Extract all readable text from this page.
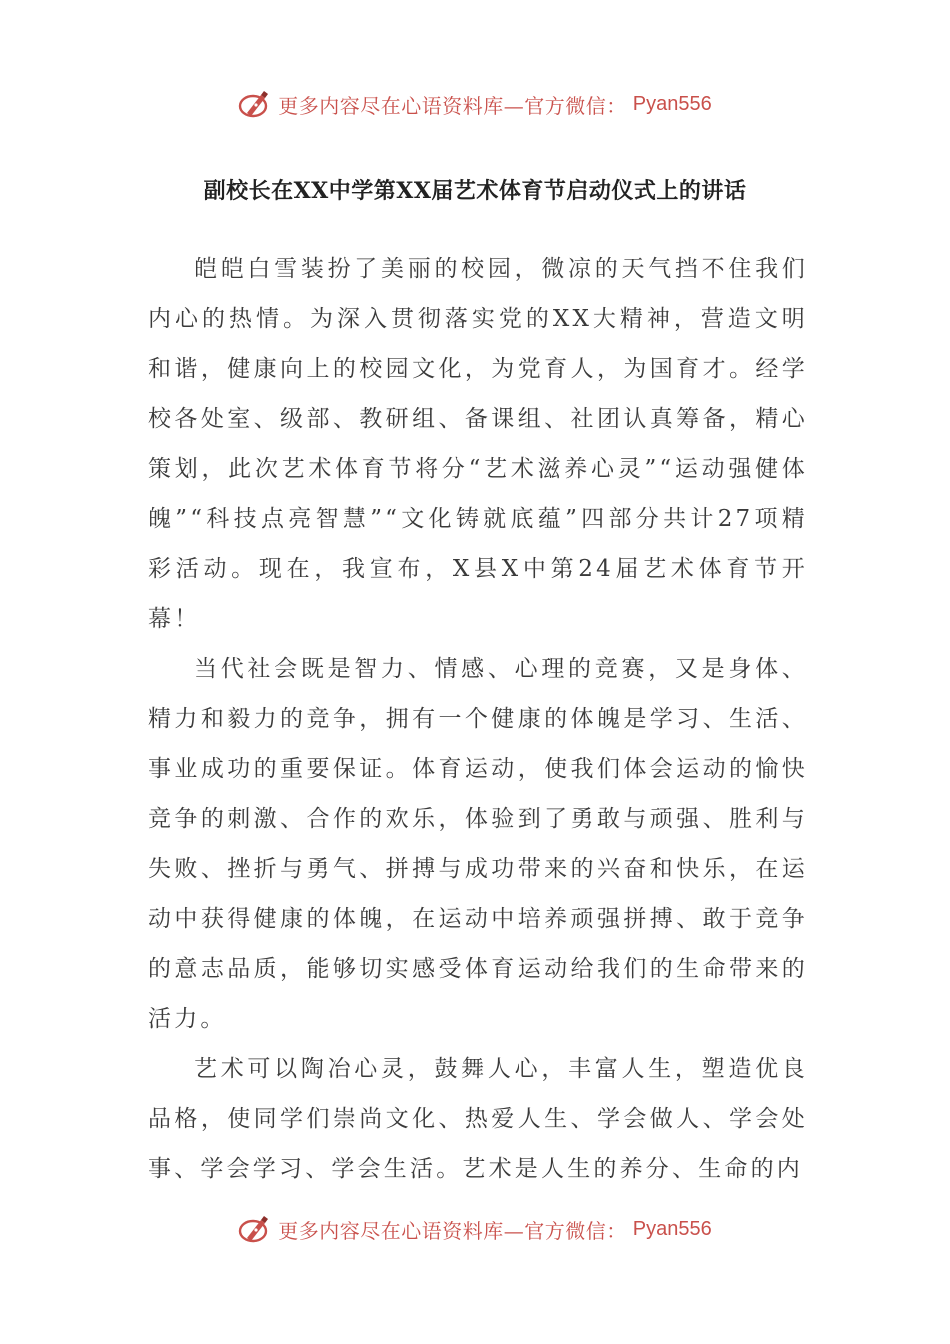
更多内容尽在心语资料库—官方微信： Pyan556
副校长在XX中学第XX届艺术体育节启动仪式上的讲话

皑皑白雪装扮了美丽的校园，微凉的天气挡不住我们内心的热情。为深入贯彻落实党的XX大精神，营造文明和谐，健康向上的校园文化，为党育人，为国育才。经学校各处室、级部、教研组、备课组、社团认真筹备，精心策划，此次艺术体育节将分“艺术滋养心灵”“运动强健体魄”“科技点亮智慧”“文化铸就底蕴”四部分共计27项精彩活动。现在，我宣布，X县X中第24届艺术体育节开幕！

当代社会既是智力、情感、心理的竞赛，又是身体、精力和毅力的竞争，拥有一个健康的体魄是学习、生活、事业成功的重要保证。体育运动，使我们体会运动的愉快竞争的刺激、合作的欢乐，体验到了勇敢与顽强、胜利与失败、挫折与勇气、拼搏与成功带来的兴奋和快乐，在运动中获得健康的体魄，在运动中培养顽强拼搏、敢于竞争的意志品质，能够切实感受体育运动给我们的生命带来的活力。

艺术可以陶冶心灵，鼓舞人心，丰富人生，塑造优良品格，使同学们崇尚文化、热爱人生、学会做人、学会处事、学会学习、学会生活。艺术是人生的养分、生命的内

更多内容尽在心语资料库—官方微信： Pyan556
